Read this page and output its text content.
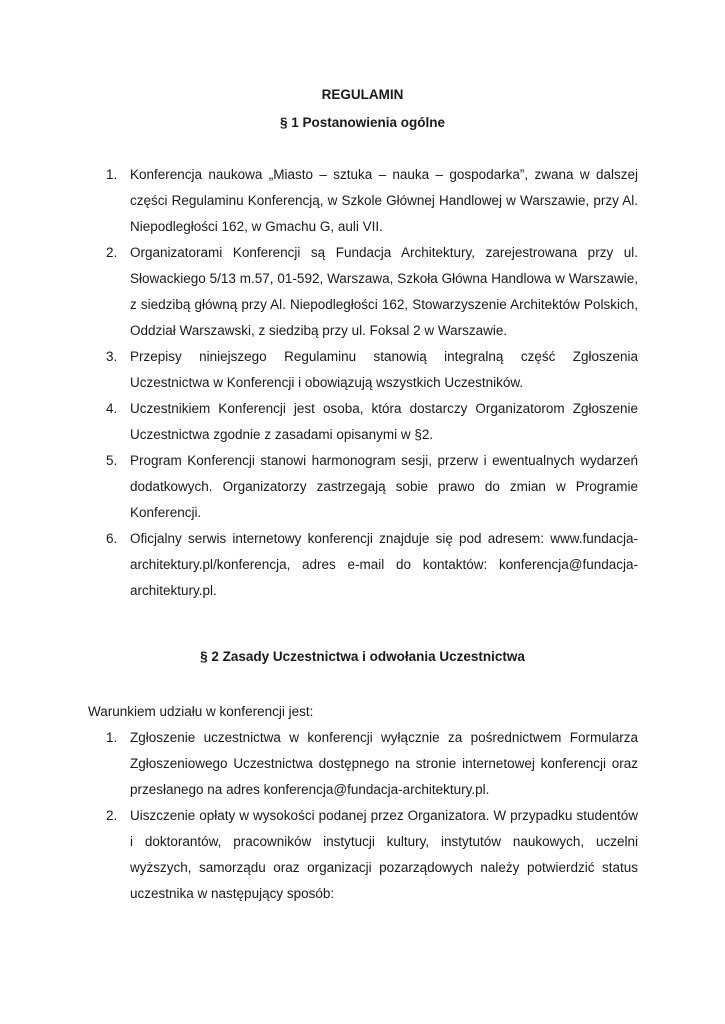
REGULAMIN
§ 1 Postanowienia ogólne
1. Konferencja naukowa „Miasto – sztuka – nauka – gospodarka”, zwana w dalszej części Regulaminu Konferencją, w Szkole Głównej Handlowej w Warszawie, przy Al. Niepodległości 162, w Gmachu G, auli VII.
2. Organizatorami Konferencji są Fundacja Architektury, zarejestrowana przy ul. Słowackiego 5/13 m.57, 01-592, Warszawa, Szkoła Główna Handlowa w Warszawie, z siedzibą główną przy Al. Niepodległości 162, Stowarzyszenie Architektów Polskich, Oddział Warszawski, z siedzibą przy ul. Foksal 2 w Warszawie.
3. Przepisy niniejszego Regulaminu stanowią integralną część Zgłoszenia Uczestnictwa w Konferencji i obowiązują wszystkich Uczestników.
4. Uczestnikiem Konferencji jest osoba, która dostarczy Organizatorom Zgłoszenie Uczestnictwa zgodnie z zasadami opisanymi w §2.
5. Program Konferencji stanowi harmonogram sesji, przerw i ewentualnych wydarzeń dodatkowych. Organizatorzy zastrzegają sobie prawo do zmian w Programie Konferencji.
6. Oficjalny serwis internetowy konferencji znajduje się pod adresem: www.fundacja-architektury.pl/konferencja, adres e-mail do kontaktów: konferencja@fundacja-architektury.pl.
§ 2 Zasady Uczestnictwa i odwołania Uczestnictwa
Warunkiem udziału w konferencji jest:
1. Zgłoszenie uczestnictwa w konferencji wyłącznie za pośrednictwem Formularza Zgłoszeniowego Uczestnictwa dostępnego na stronie internetowej konferencji oraz przesłanego na adres konferencja@fundacja-architektury.pl.
2. Uiszczenie opłaty w wysokości podanej przez Organizatora. W przypadku studentów i doktorantów, pracowników instytucji kultury, instytutów naukowych, uczelni wyższych, samorządu oraz organizacji pozarządowych należy potwierdzić status uczestnika w następujący sposób:
